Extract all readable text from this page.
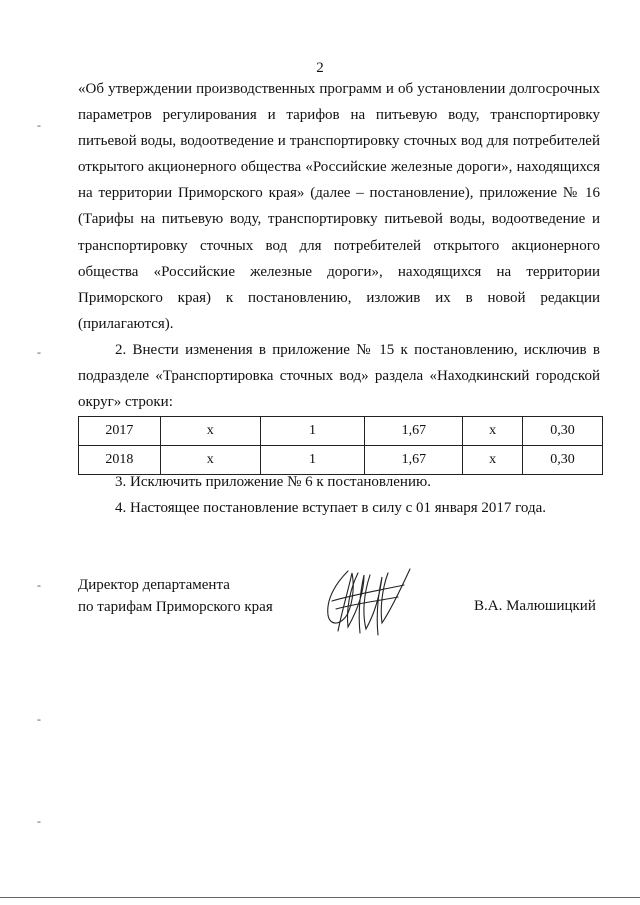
2
«Об утверждении производственных программ и об установлении долгосрочных параметров регулирования и тарифов на питьевую воду, транспортировку питьевой воды, водоотведение и транспортировку сточных вод для потребителей открытого акционерного общества «Российские железные дороги», находящихся на территории Приморского края» (далее – постановление), приложение № 16 (Тарифы на питьевую воду, транспортировку питьевой воды, водоотведение и транспортировку сточных вод для потребителей открытого акционерного общества «Российские железные дороги», находящихся на территории Приморского края) к постановлению, изложив их в новой редакции (прилагаются).
2. Внести изменения в приложение № 15 к постановлению, исключив в подразделе «Транспортировка сточных вод» раздела «Находкинский городской округ» строки:
2017	х	1	1,67	х	0,30
2018	х	1	1,67	х	0,30
3. Исключить приложение № 6 к постановлению.
4. Настоящее постановление вступает в силу с 01 января 2017 года.
Директор департамента
по тарифам Приморского края	В.А. Малюшицкий
-
-
-
-
-
